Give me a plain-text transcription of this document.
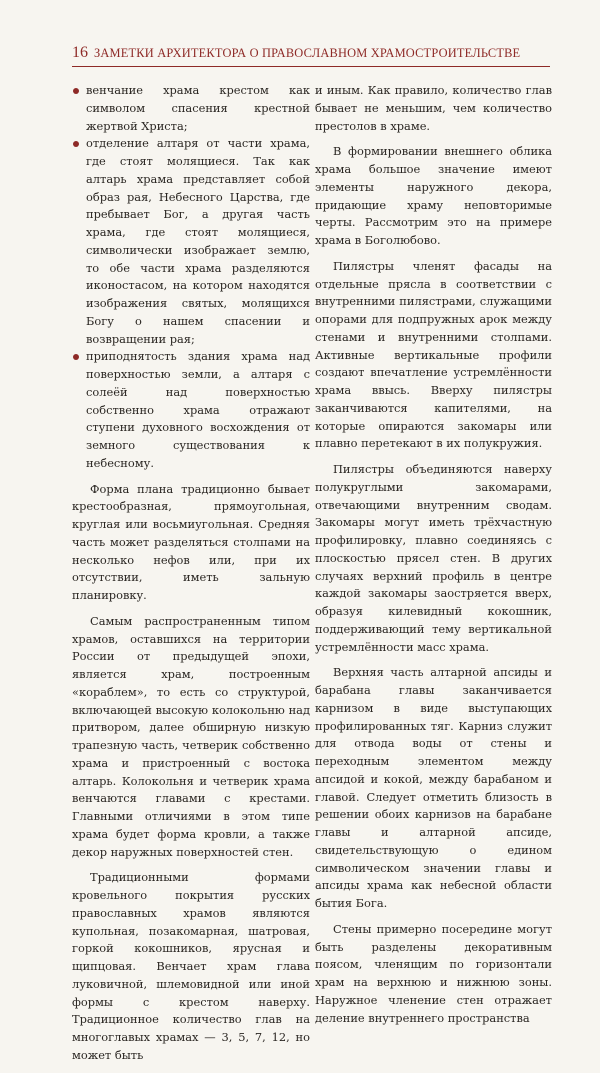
16 ЗАМЕТКИ АРХИТЕКТОРА О ПРАВОСЛАВНОМ ХРАМОСТРОИТЕЛЬСТВЕ
венчание храма крестом как символом спасения крестной жертвой Христа;
отделение алтаря от части храма, где стоят молящиеся. Так как алтарь храма представляет собой образ рая, Небесного Царства, где пребывает Бог, а другая часть храма, где стоят молящиеся, символически изображает землю, то обе части храма разделяются иконостасом, на котором находятся изображения святых, молящихся Богу о нашем спасении и возвращении рая;
приподнятость здания храма над поверхностью земли, а алтаря с солеёй над поверхностью собственно храма отражают ступени духовного восхождения от земного существования к небесному.

Форма плана традиционно бывает крестообразная, прямоугольная, круглая или восьмиугольная. Средняя часть может разделяться столпами на несколько нефов или, при их отсутствии, иметь зальную планировку.

Самым распространенным типом храмов, оставшихся на территории России от предыдущей эпохи, является храм, построенным «кораблем», то есть со структурой, включающей высокую колокольню над притвором, далее обширную низкую трапезную часть, четверик собственно храма и пристроенный с востока алтарь. Колокольня и четверик храма венчаются главами с крестами. Главными отличиями в этом типе храма будет форма кровли, а также декор наружных поверхностей стен.

Традиционными формами кровельного покрытия русских православных храмов являются купольная, позакомарная, шатровая, горкой кокошников, ярусная и щипцовая. Венчает храм глава луковичной, шлемовидной или иной формы с крестом наверху. Традиционное количество глав на многоглавых храмах — 3, 5, 7, 12, но может быть

и иным. Как правило, количество глав бывает не меньшим, чем количество престолов в храме.

В формировании внешнего облика храма большое значение имеют элементы наружного декора, придающие храму неповторимые черты. Рассмотрим это на примере храма в Боголюбово.

Пилястры членят фасады на отдельные прясла в соответствии с внутренними пилястрами, служащими опорами для подпружных арок между стенами и внутренними столпами. Активные вертикальные профили создают впечатление устремлённости храма ввысь. Вверху пилястры заканчиваются капителями, на которые опираются закомары или плавно перетекают в их полукружия.

Пилястры объединяются наверху полукруглыми закомарами, отвечающими внутренним сводам. Закомары могут иметь трёхчастную профилировку, плавно соединяясь с плоскостью прясел стен. В других случаях верхний профиль в центре каждой закомары заостряется вверх, образуя килевидный кокошник, поддерживающий тему вертикальной устремлённости масс храма.

Верхняя часть алтарной апсиды и барабана главы заканчивается карнизом в виде выступающих профилированных тяг. Карниз служит для отвода воды от стены и переходным элементом между апсидой и кокой, между барабаном и главой. Следует отметить близость в решении обоих карнизов на барабане главы и алтарной апсиде, свидетельствующую о едином символическом значении главы и апсиды храма как небесной области бытия Бога.

Стены примерно посередине могут быть разделены декоративным поясом, членящим по горизонтали храм на верхнюю и нижнюю зоны. Наружное членение стен отражает деление внутреннего пространства
